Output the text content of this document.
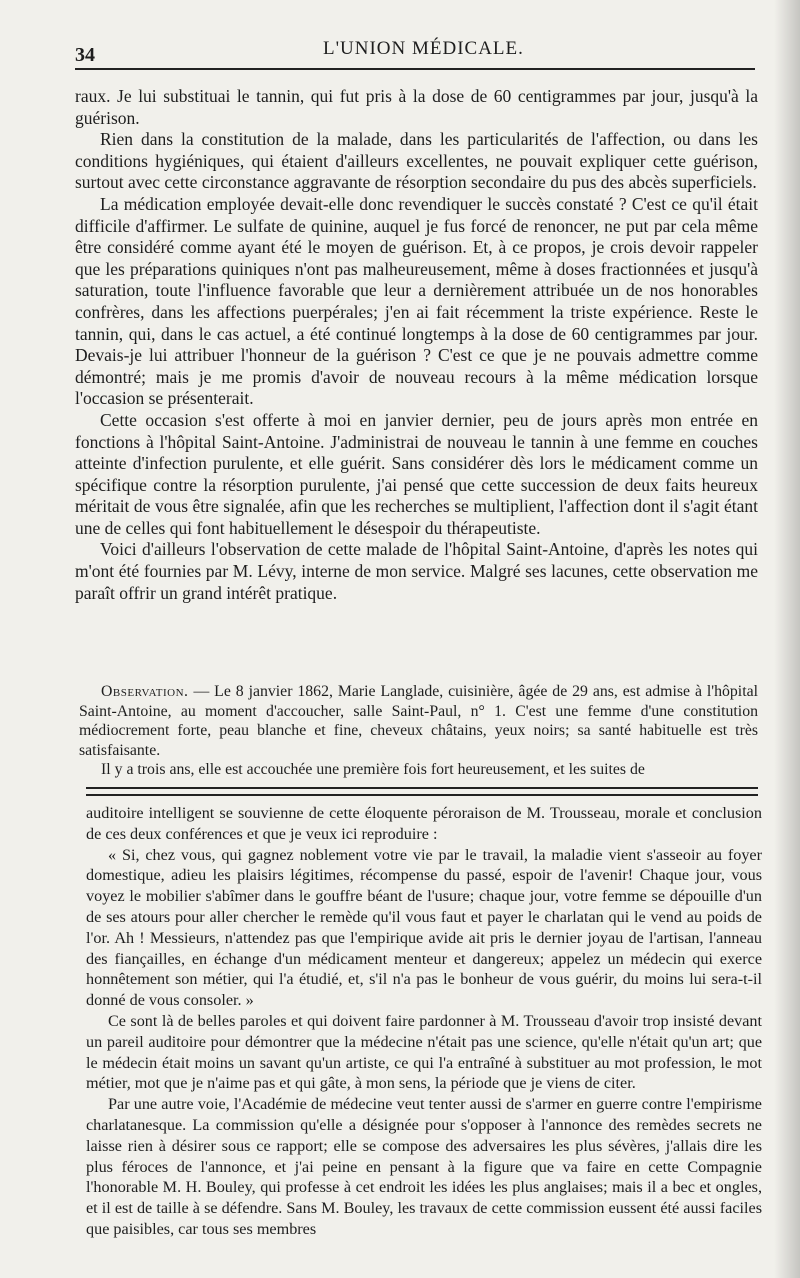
34	L'UNION MÉDICALE.

raux. Je lui substituai le tannin, qui fut pris à la dose de 60 centigrammes par jour, jusqu'à la guérison.

Rien dans la constitution de la malade, dans les particularités de l'affection, ou dans les conditions hygiéniques, qui étaient d'ailleurs excellentes, ne pouvait expliquer cette guérison, surtout avec cette circonstance aggravante de résorption secondaire du pus des abcès superficiels.

La médication employée devait-elle donc revendiquer le succès constaté ? C'est ce qu'il était difficile d'affirmer. Le sulfate de quinine, auquel je fus forcé de renoncer, ne put par cela même être considéré comme ayant été le moyen de guérison. Et, à ce propos, je crois devoir rappeler que les préparations quiniques n'ont pas malheureusement, même à doses fractionnées et jusqu'à saturation, toute l'influence favorable que leur a dernièrement attribuée un de nos honorables confrères, dans les affections puerpérales; j'en ai fait récemment la triste expérience. Reste le tannin, qui, dans le cas actuel, a été continué longtemps à la dose de 60 centigrammes par jour. Devais-je lui attribuer l'honneur de la guérison ? C'est ce que je ne pouvais admettre comme démontré; mais je me promis d'avoir de nouveau recours à la même médication lorsque l'occasion se présenterait.

Cette occasion s'est offerte à moi en janvier dernier, peu de jours après mon entrée en fonctions à l'hôpital Saint-Antoine. J'administrai de nouveau le tannin à une femme en couches atteinte d'infection purulente, et elle guérit. Sans considérer dès lors le médicament comme un spécifique contre la résorption purulente, j'ai pensé que cette succession de deux faits heureux méritait de vous être signalée, afin que les recherches se multiplient, l'affection dont il s'agit étant une de celles qui font habituellement le désespoir du thérapeutiste.

Voici d'ailleurs l'observation de cette malade de l'hôpital Saint-Antoine, d'après les notes qui m'ont été fournies par M. Lévy, interne de mon service. Malgré ses lacunes, cette observation me paraît offrir un grand intérêt pratique.

Observation. — Le 8 janvier 1862, Marie Langlade, cuisinière, âgée de 29 ans, est admise à l'hôpital Saint-Antoine, au moment d'accoucher, salle Saint-Paul, n° 1. C'est une femme d'une constitution médiocrement forte, peau blanche et fine, cheveux châtains, yeux noirs; sa santé habituelle est très satisfaisante.

Il y a trois ans, elle est accouchée une première fois fort heureusement, et les suites de

auditoire intelligent se souvienne de cette éloquente péroraison de M. Trousseau, morale et conclusion de ces deux conférences et que je veux ici reproduire :

« Si, chez vous, qui gagnez noblement votre vie par le travail, la maladie vient s'asseoir au foyer domestique, adieu les plaisirs légitimes, récompense du passé, espoir de l'avenir! Chaque jour, vous voyez le mobilier s'abîmer dans le gouffre béant de l'usure; chaque jour, votre femme se dépouille d'un de ses atours pour aller chercher le remède qu'il vous faut et payer le charlatan qui le vend au poids de l'or. Ah ! Messieurs, n'attendez pas que l'empirique avide ait pris le dernier joyau de l'artisan, l'anneau des fiançailles, en échange d'un médicament menteur et dangereux; appelez un médecin qui exerce honnêtement son métier, qui l'a étudié, et, s'il n'a pas le bonheur de vous guérir, du moins lui sera-t-il donné de vous consoler. »

Ce sont là de belles paroles et qui doivent faire pardonner à M. Trousseau d'avoir trop insisté devant un pareil auditoire pour démontrer que la médecine n'était pas une science, qu'elle n'était qu'un art; que le médecin était moins un savant qu'un artiste, ce qui l'a entraîné à substituer au mot profession, le mot métier, mot que je n'aime pas et qui gâte, à mon sens, la période que je viens de citer.

Par une autre voie, l'Académie de médecine veut tenter aussi de s'armer en guerre contre l'empirisme charlatanesque. La commission qu'elle a désignée pour s'opposer à l'annonce des remèdes secrets ne laisse rien à désirer sous ce rapport; elle se compose des adversaires les plus sévères, j'allais dire les plus féroces de l'annonce, et j'ai peine en pensant à la figure que va faire en cette Compagnie l'honorable M. H. Bouley, qui professe à cet endroit les idées les plus anglaises; mais il a bec et ongles, et il est de taille à se défendre. Sans M. Bouley, les travaux de cette commission eussent été aussi faciles que paisibles, car tous ses membres
